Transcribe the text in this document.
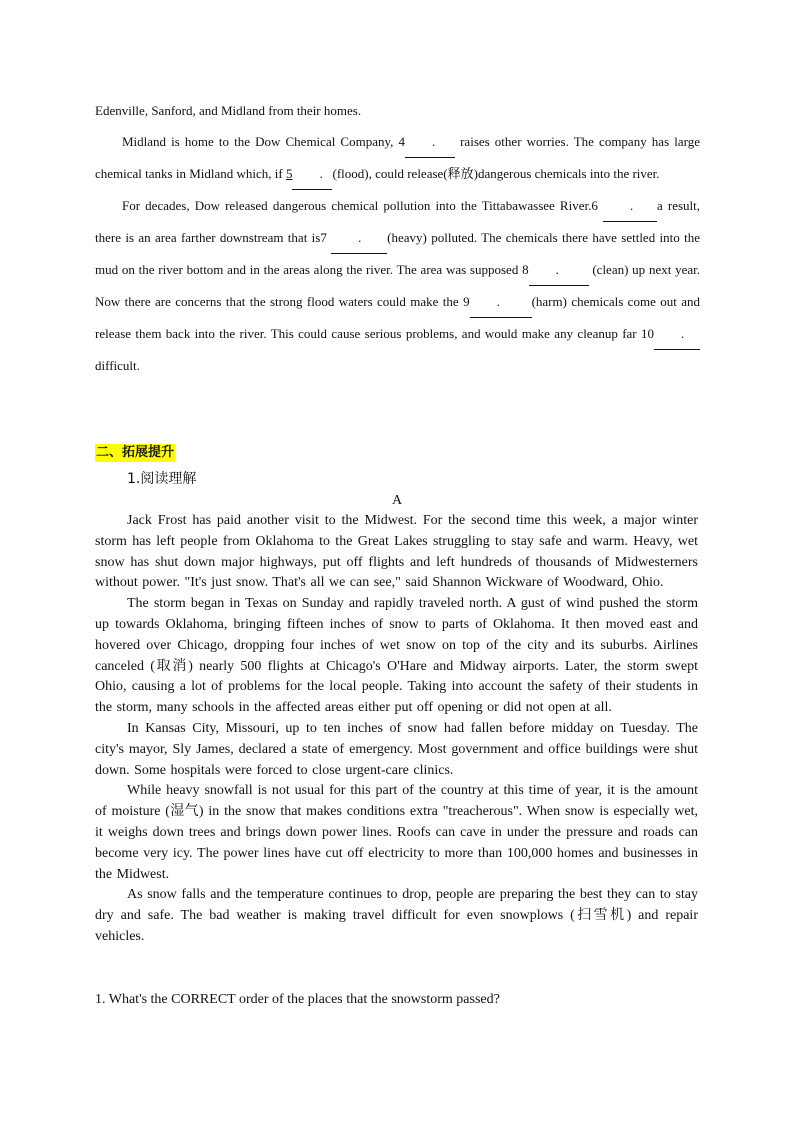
Edenville, Sanford, and Midland from their homes.

Midland is home to the Dow Chemical Company, 4 . raises other worries. The company has large chemical tanks in Midland which, if 5 . (flood), could release(释放)dangerous chemicals into the river.

For decades, Dow released dangerous chemical pollution into the Tittabawassee River.6 . a result, there is an area farther downstream that is7 . (heavy) polluted. The chemicals there have settled into the mud on the river bottom and in the areas along the river. The area was supposed 8 . (clean) up next year. Now there are concerns that the strong flood waters could make the 9 . (harm) chemicals come out and release them back into the river. This could cause serious problems, and would make any cleanup far 10 .difficult.

二、拓展提升
1.阅读理解
A

Jack Frost has paid another visit to the Midwest. For the second time this week, a major winter storm has left people from Oklahoma to the Great Lakes struggling to stay safe and warm. Heavy, wet snow has shut down major highways, put off flights and left hundreds of thousands of Midwesterners without power. "It's just snow. That's all we can see," said Shannon Wickware of Woodward, Ohio.

The storm began in Texas on Sunday and rapidly traveled north. A gust of wind pushed the storm up towards Oklahoma, bringing fifteen inches of snow to parts of Oklahoma. It then moved east and hovered over Chicago, dropping four inches of wet snow on top of the city and its suburbs. Airlines canceled (取消) nearly 500 flights at Chicago's O'Hare and Midway airports. Later, the storm swept Ohio, causing a lot of problems for the local people. Taking into account the safety of their students in the storm, many schools in the affected areas either put off opening or did not open at all.

In Kansas City, Missouri, up to ten inches of snow had fallen before midday on Tuesday. The city's mayor, Sly James, declared a state of emergency. Most government and office buildings were shut down. Some hospitals were forced to close urgent-care clinics.

While heavy snowfall is not usual for this part of the country at this time of year, it is the amount of moisture (湿气) in the snow that makes conditions extra "treacherous". When snow is especially wet, it weighs down trees and brings down power lines. Roofs can cave in under the pressure and roads can become very icy. The power lines have cut off electricity to more than 100,000 homes and businesses in the Midwest.

As snow falls and the temperature continues to drop, people are preparing the best they can to stay dry and safe. The bad weather is making travel difficult for even snowplows (扫雪机) and repair vehicles.

1. What's the CORRECT order of the places that the snowstorm passed?
